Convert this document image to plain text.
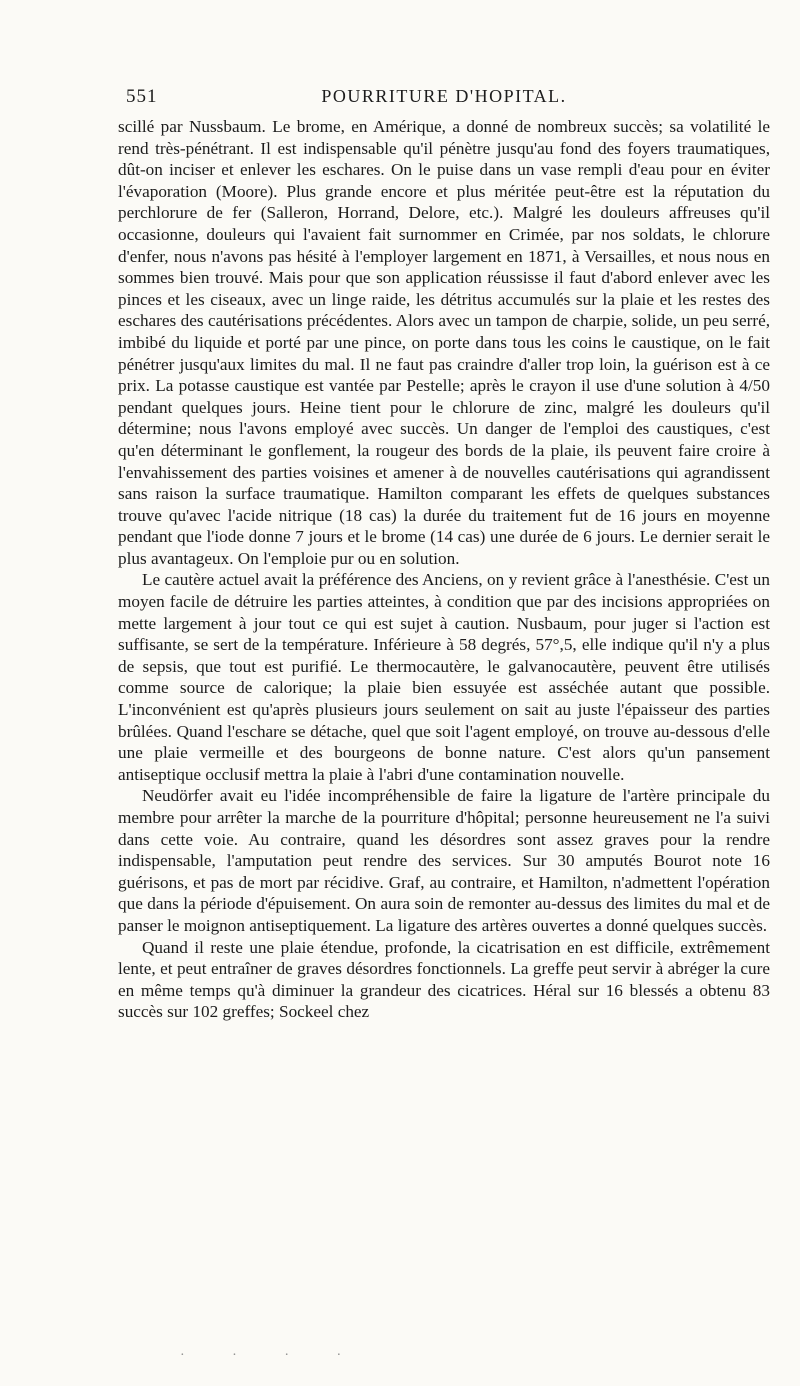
551	POURRITURE D'HOPITAL.

scillé par Nussbaum. Le brome, en Amérique, a donné de nombreux succès; sa volatilité le rend très-pénétrant. Il est indispensable qu'il pénètre jusqu'au fond des foyers traumatiques, dût-on inciser et enlever les eschares. On le puise dans un vase rempli d'eau pour en éviter l'évaporation (Moore). Plus grande encore et plus méritée peut-être est la réputation du perchlorure de fer (Salleron, Horrand, Delore, etc.). Malgré les douleurs affreuses qu'il occasionne, douleurs qui l'avaient fait surnommer en Crimée, par nos soldats, le chlorure d'enfer, nous n'avons pas hésité à l'employer largement en 1871, à Versailles, et nous nous en sommes bien trouvé. Mais pour que son application réussisse il faut d'abord enlever avec les pinces et les ciseaux, avec un linge raide, les détritus accumulés sur la plaie et les restes des eschares des cautérisations précédentes. Alors avec un tampon de charpie, solide, un peu serré, imbibé du liquide et porté par une pince, on porte dans tous les coins le caustique, on le fait pénétrer jusqu'aux limites du mal. Il ne faut pas craindre d'aller trop loin, la guérison est à ce prix. La potasse caustique est vantée par Pestelle; après le crayon il use d'une solution à 4/50 pendant quelques jours. Heine tient pour le chlorure de zinc, malgré les douleurs qu'il détermine; nous l'avons employé avec succès. Un danger de l'emploi des caustiques, c'est qu'en déterminant le gonflement, la rougeur des bords de la plaie, ils peuvent faire croire à l'envahissement des parties voisines et amener à de nouvelles cautérisations qui agrandissent sans raison la surface traumatique. Hamilton comparant les effets de quelques substances trouve qu'avec l'acide nitrique (18 cas) la durée du traitement fut de 16 jours en moyenne pendant que l'iode donne 7 jours et le brome (14 cas) une durée de 6 jours. Le dernier serait le plus avantageux. On l'emploie pur ou en solution.

Le cautère actuel avait la préférence des Anciens, on y revient grâce à l'anesthésie. C'est un moyen facile de détruire les parties atteintes, à condition que par des incisions appropriées on mette largement à jour tout ce qui est sujet à caution. Nusbaum, pour juger si l'action est suffisante, se sert de la température. Inférieure à 58 degrés, 57°,5, elle indique qu'il n'y a plus de sepsis, que tout est purifié. Le thermocautère, le galvanocautère, peuvent être utilisés comme source de calorique; la plaie bien essuyée est asséchée autant que possible. L'inconvénient est qu'après plusieurs jours seulement on sait au juste l'épaisseur des parties brûlées. Quand l'eschare se détache, quel que soit l'agent employé, on trouve au-dessous d'elle une plaie vermeille et des bourgeons de bonne nature. C'est alors qu'un pansement antiseptique occlusif mettra la plaie à l'abri d'une contamination nouvelle.

Neudörfer avait eu l'idée incompréhensible de faire la ligature de l'artère principale du membre pour arrêter la marche de la pourriture d'hôpital; personne heureusement ne l'a suivi dans cette voie. Au contraire, quand les désordres sont assez graves pour la rendre indispensable, l'amputation peut rendre des services. Sur 30 amputés Bourot note 16 guérisons, et pas de mort par récidive. Graf, au contraire, et Hamilton, n'admettent l'opération que dans la période d'épuisement. On aura soin de remonter au-dessus des limites du mal et de panser le moignon antiseptiquement. La ligature des artères ouvertes a donné quelques succès.

Quand il reste une plaie étendue, profonde, la cicatrisation en est difficile, extrêmement lente, et peut entraîner de graves désordres fonctionnels. La greffe peut servir à abréger la cure en même temps qu'à diminuer la grandeur des cicatrices. Héral sur 16 blessés a obtenu 83 succès sur 102 greffes; Sockeel chez

· · · ·
